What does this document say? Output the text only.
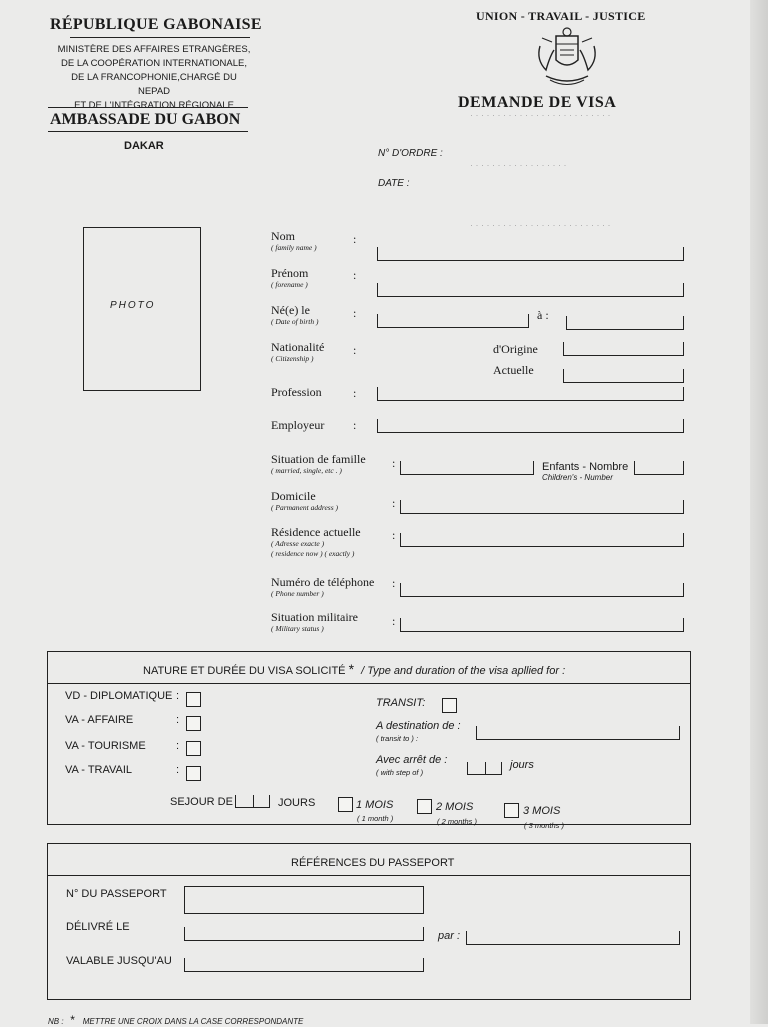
· · · · · · · · · · · · · · · · · · · · · · · · · ·
· · · · · · · · · · · · · · · · · ·
· · · · · · · · · · · · · · · · · · · · · · · · · ·
RÉPUBLIQUE GABONAISE
MINISTÈRE DES AFFAIRES ETRANGÈRES,
DE LA COOPÉRATION INTERNATIONALE,
DE LA FRANCOPHONIE,CHARGÉ DU NEPAD
ET DE L'INTÉGRATION RÉGIONALE
AMBASSADE DU GABON
DAKAR
UNION - TRAVAIL - JUSTICE
DEMANDE DE VISA
N° D'ORDRE :
DATE :
PHOTO
Nom
( family name )
:
Prénom
( forename )
:
Né(e) le
( Date of birth )
:	à :
Nationalité
( Citizenship )
:	d'Origine
Actuelle
Profession	:
Employeur :
Situation de famille
( married, single, etc . )
:	Enfants - Nombre
Children's - Number
Domicile
( Parmanent address )	:
Résidence actuelle
( Adresse exacte )
( residence now ) ( exactly )
:
Numéro de téléphone
( Phone number )
:
Situation militaire
( Military status )
:
NATURE ET DURÉE DU VISA SOLICITÉ * / Type and duration of the visa apllied for :
VD - DIPLOMATIQUE :
VA - AFFAIRE	:
VA - TOURISME	:
VA - TRAVAIL	:
TRANSIT:
A destination de :
( transit to ) :
Avec arrêt de :
( with step of )
jours
SEJOUR DE	JOURS	1 MOIS
( 1 month )
2 MOIS
( 2 months )
3 MOIS
( 3 months )
RÉFÉRENCES DU PASSEPORT
N° DU PASSEPORT
DÉLIVRÉ LE
par :
VALABLE JUSQU'AU
NB : * METTRE UNE CROIX DANS LA CASE CORRESPONDANTE
